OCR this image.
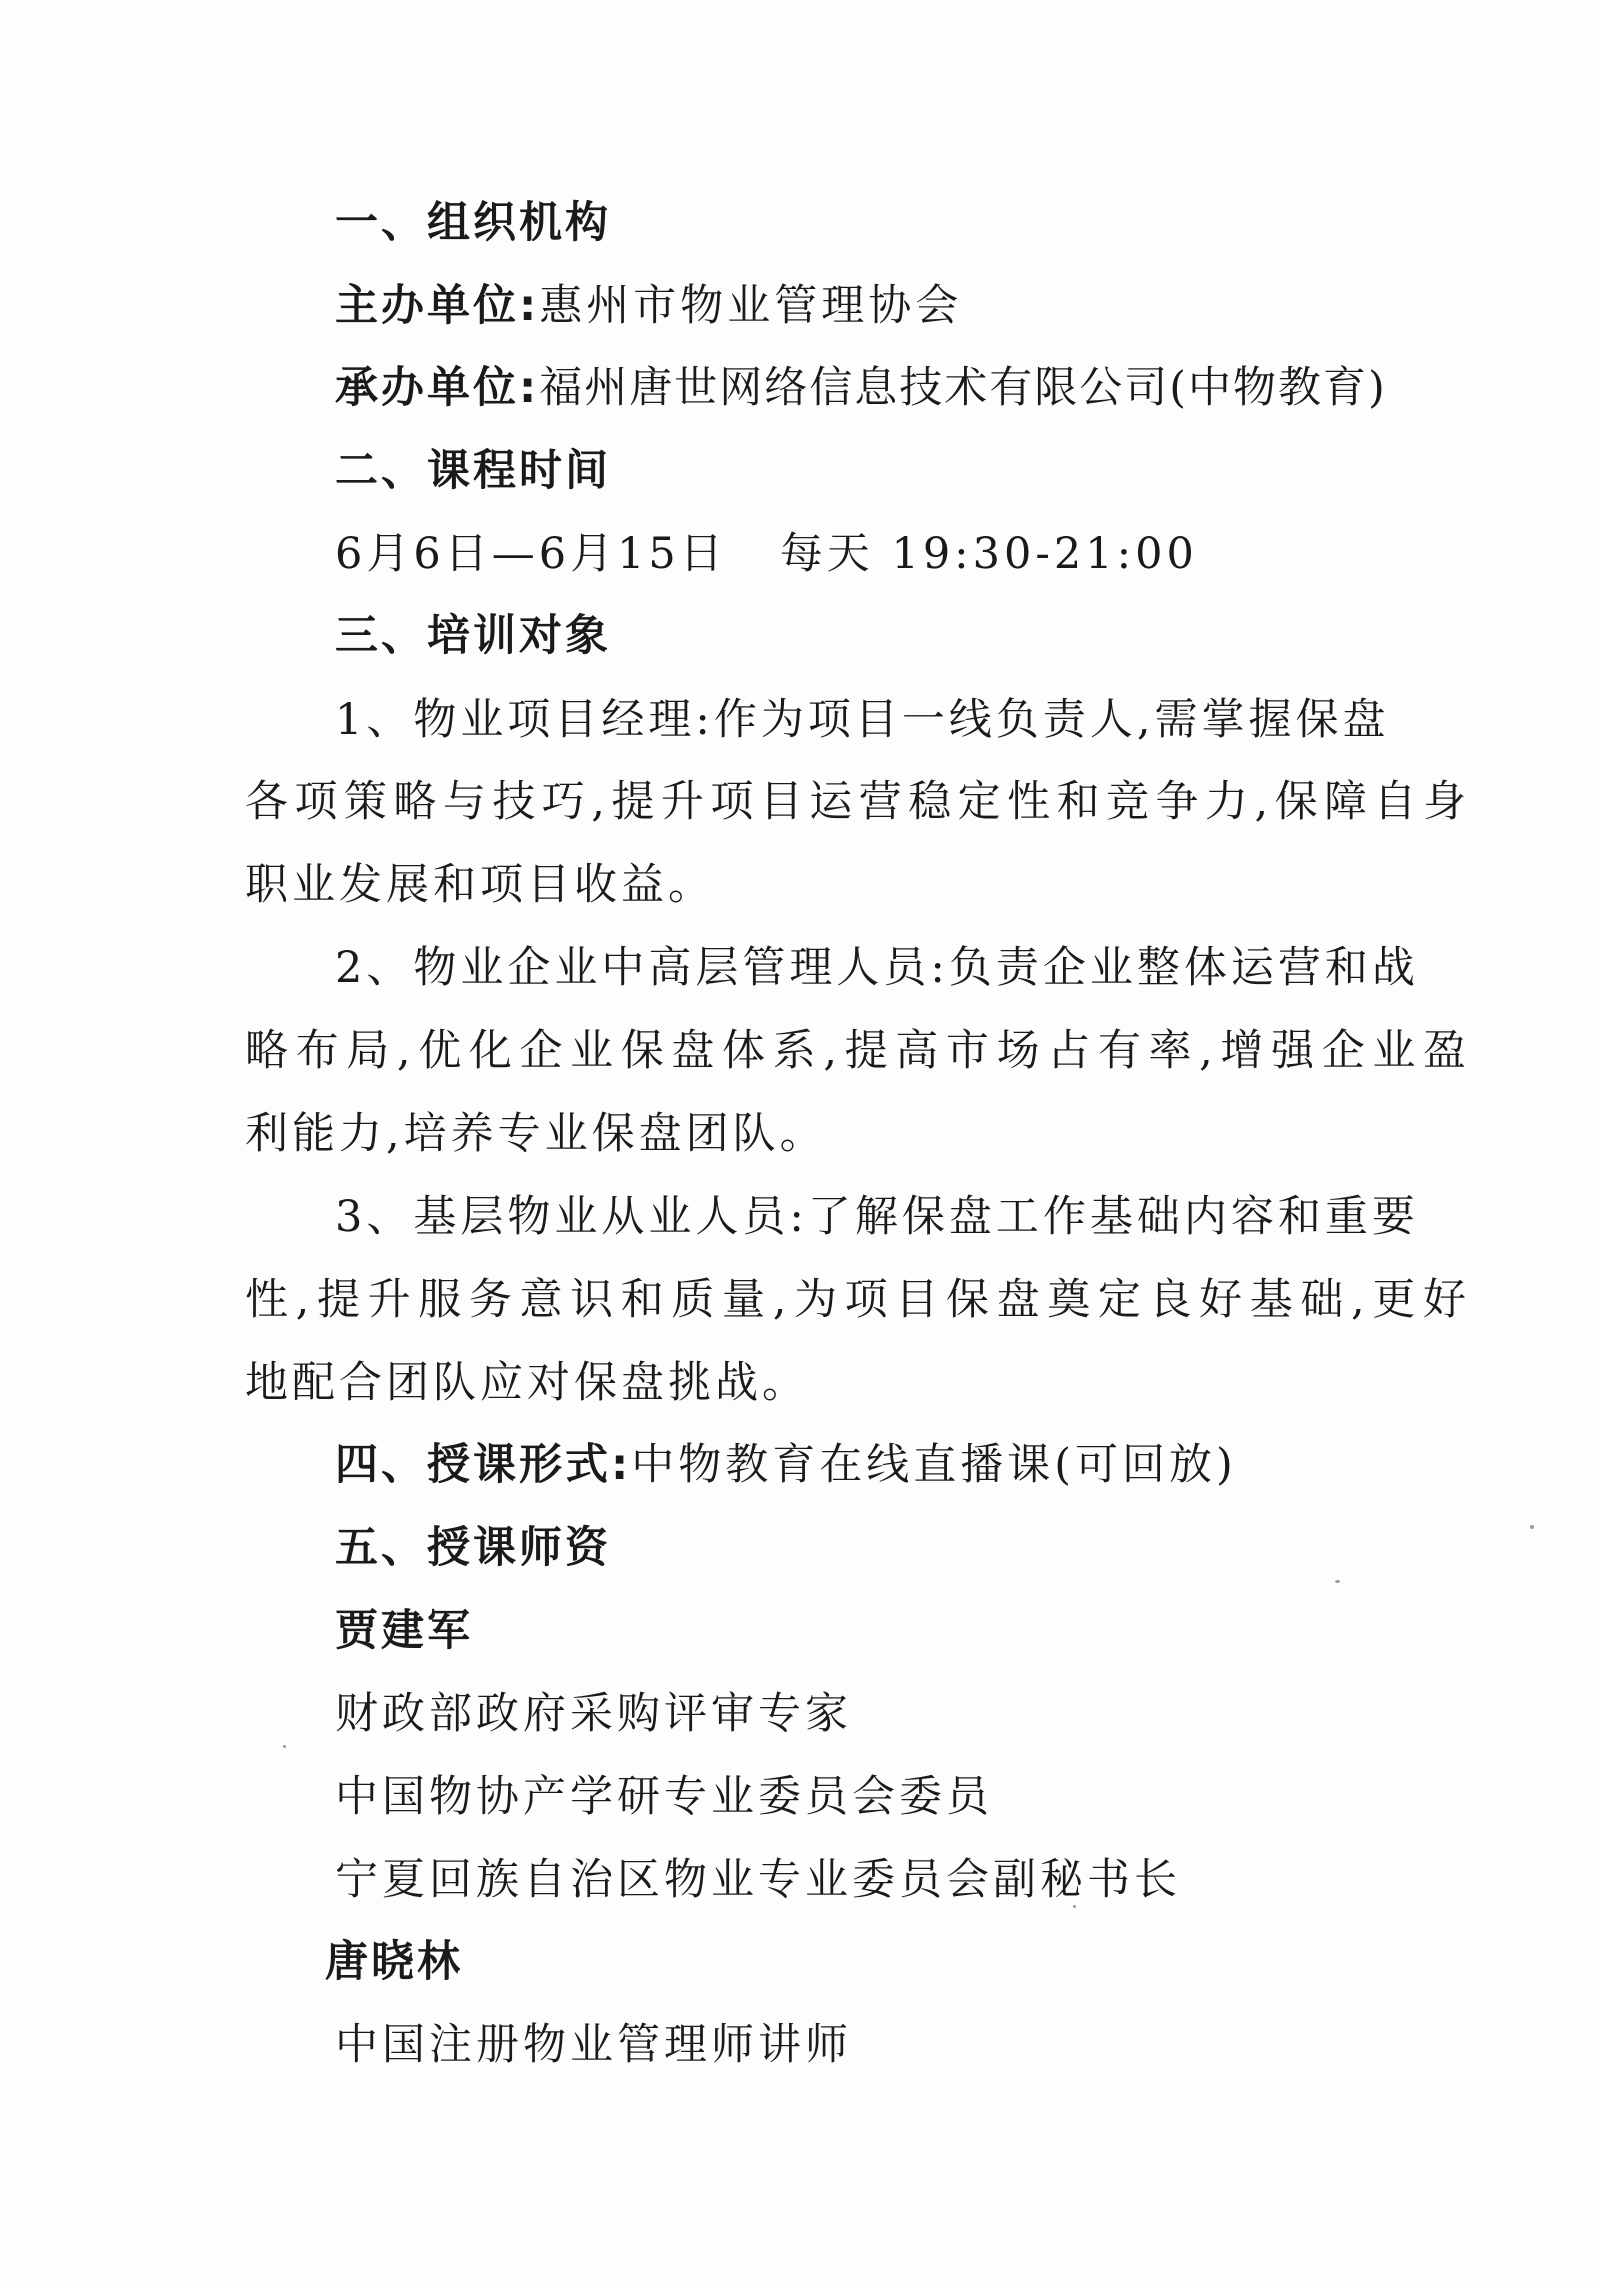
一、组织机构
主办单位:惠州市物业管理协会
承办单位:福州唐世网络信息技术有限公司(中物教育)
二、课程时间
6月6日—6月15日   每天 19:30-21:00
三、培训对象
1、物业项目经理:作为项目一线负责人,需掌握保盘
各项策略与技巧,提升项目运营稳定性和竞争力,保障自身
职业发展和项目收益。
2、物业企业中高层管理人员:负责企业整体运营和战
略布局,优化企业保盘体系,提高市场占有率,增强企业盈
利能力,培养专业保盘团队。
3、基层物业从业人员:了解保盘工作基础内容和重要
性,提升服务意识和质量,为项目保盘奠定良好基础,更好
地配合团队应对保盘挑战。
四、授课形式:中物教育在线直播课(可回放)
五、授课师资
贾建军
财政部政府采购评审专家
中国物协产学研专业委员会委员
宁夏回族自治区物业专业委员会副秘书长
唐晓林
中国注册物业管理师讲师
